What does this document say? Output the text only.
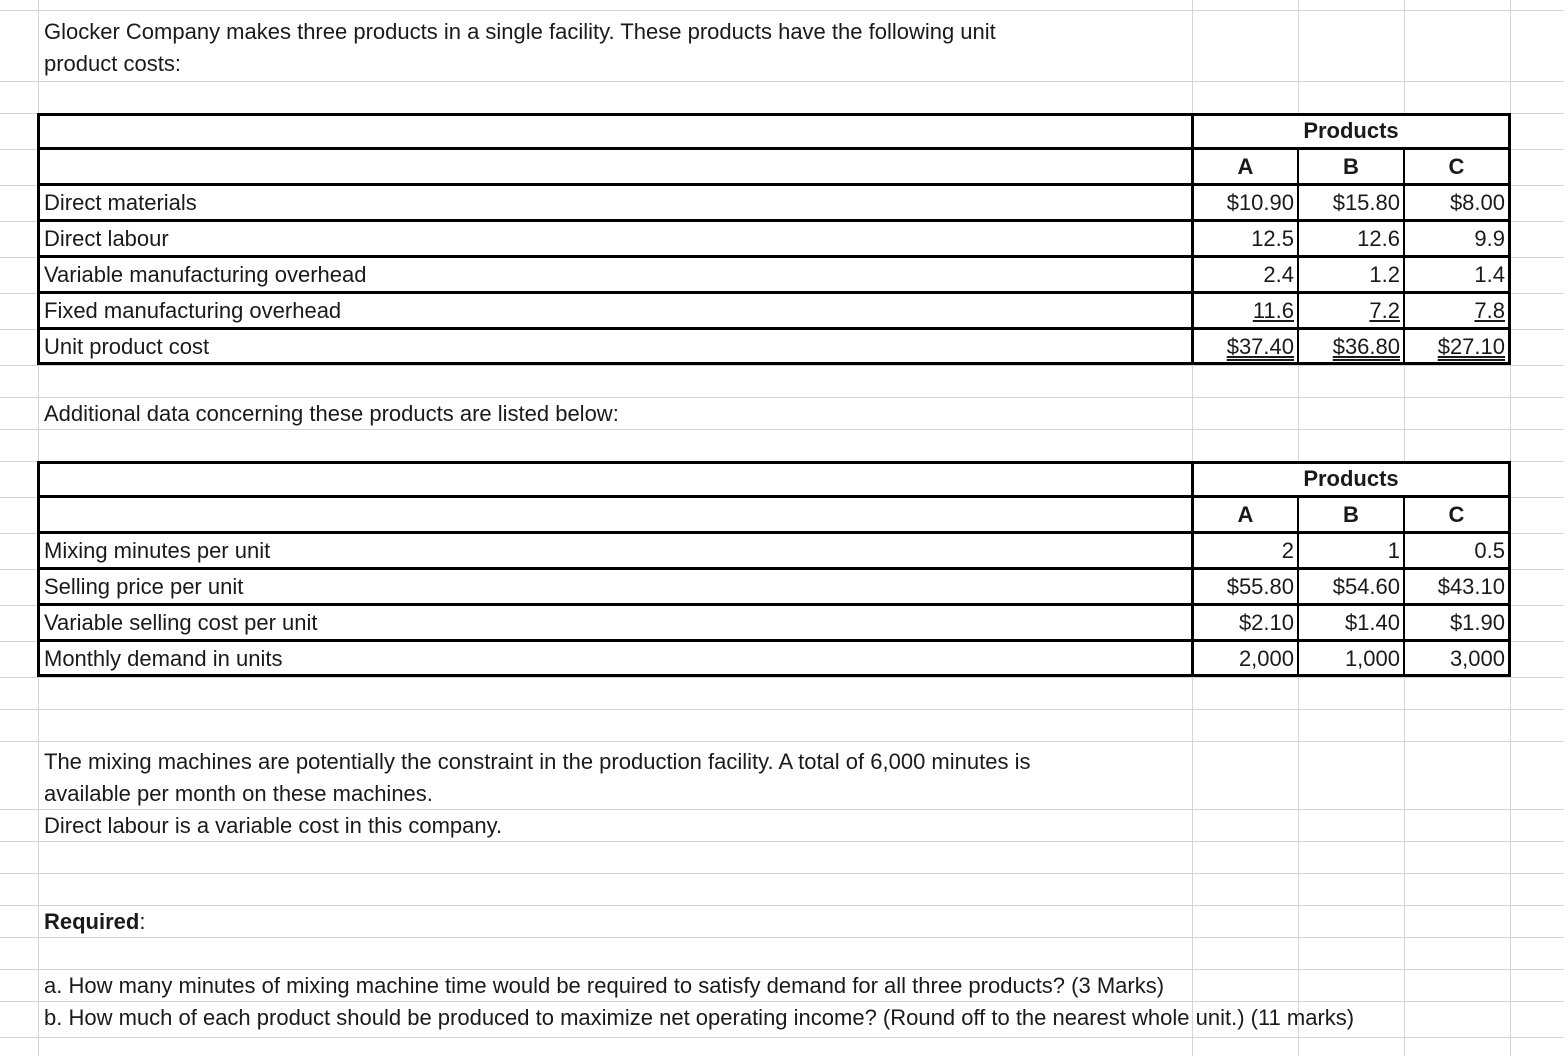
Glocker Company makes three products in a single facility. These products have the following unit
product costs:
Products
A	B	C
Direct materials	$10.90	$15.80	$8.00
Direct labour	12.5	12.6	9.9
Variable manufacturing overhead	2.4	1.2	1.4
Fixed manufacturing overhead	11.6	7.2	7.8
Unit product cost	$37.40	$36.80	$27.10
Additional data concerning these products are listed below:
Products
A	B	C
Mixing minutes per unit	2	1	0.5
Selling price per unit	$55.80	$54.60	$43.10
Variable selling cost per unit	$2.10	$1.40	$1.90
Monthly demand in units	2,000	1,000	3,000
The mixing machines are potentially the constraint in the production facility. A total of 6,000 minutes is
available per month on these machines.
Direct labour is a variable cost in this company.
Required:
a. How many minutes of mixing machine time would be required to satisfy demand for all three products? (3 Marks)
b. How much of each product should be produced to maximize net operating income? (Round off to the nearest whole unit.) (11 marks)
